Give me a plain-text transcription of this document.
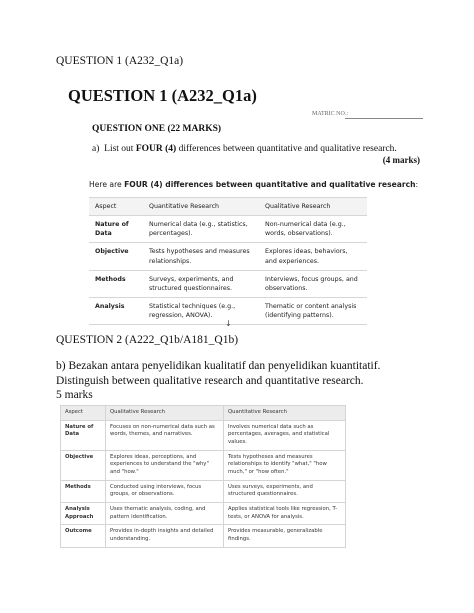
QUESTION 1 (A232_Q1a)
QUESTION 1 (A232_Q1a)
MATRIC NO.:
QUESTION ONE (22 MARKS)
a) List out FOUR (4) differences between quantitative and qualitative research.
(4 marks)
Here are FOUR (4) differences between quantitative and qualitative research:
Aspect	Quantitative Research	Qualitative Research
Nature of Data	Numerical data (e.g., statistics, percentages).	Non-numerical data (e.g., words, observations).
Objective	Tests hypotheses and measures relationships.	Explores ideas, behaviors, and experiences.
Methods	Surveys, experiments, and structured questionnaires.	Interviews, focus groups, and observations.
Analysis	Statistical techniques (e.g., regression, ANOVA).	Thematic or content analysis (identifying patterns).
↓
QUESTION 2 (A222_Q1b/A181_Q1b)
b) Bezakan antara penyelidikan kualitatif dan penyelidikan kuantitatif.
Distinguish between qualitative research and quantitative research.
5 marks
Aspect	Qualitative Research	Quantitative Research
Nature of Data	Focuses on non-numerical data such as words, themes, and narratives.	Involves numerical data such as percentages, averages, and statistical values.
Objective	Explores ideas, perceptions, and experiences to understand the "why" and "how."	Tests hypotheses and measures relationships to identify "what," "how much," or "how often."
Methods	Conducted using interviews, focus groups, or observations.	Uses surveys, experiments, and structured questionnaires.
Analysis Approach	Uses thematic analysis, coding, and pattern identification.	Applies statistical tools like regression, T-tests, or ANOVA for analysis.
Outcome	Provides in-depth insights and detailed understanding.	Provides measurable, generalizable findings.
